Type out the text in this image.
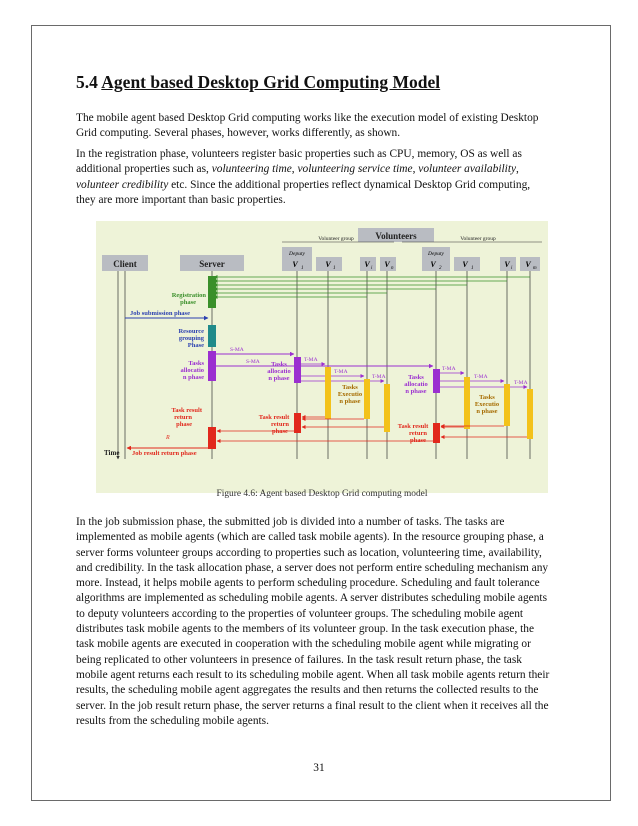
5.4 Agent based Desktop Grid Computing Model

The mobile agent based Desktop Grid computing works like the execution model of existing Desktop Grid computing. Several phases, however, works differently, as shown.

In the registration phase, volunteers register basic properties such as CPU, memory, OS as well as additional properties such as, volunteering time, volunteering service time, volunteer availability, volunteer credibility etc. Since the additional properties reflect dynamical Desktop Grid computing, they are more important than basic properties.

Client	Server
Volunteers
Volunteer group	Volunteer group
Deputy
V 1	V 1	V i V n
Deputy
V 2	V 1	V i V m
Registration
phase
Job submission phase
Resource
grouping
Phase
Tasks
allocatio
n phase
S-MA
S-MA Tasks
allocatio
n phase
T-MA
T-MA
T-MA
Tasks
Executio
n phase
Tasks
allocatio
n phase
T-MA
T-MA
T-MA
Tasks
Executio
n phase
Task result
return
phase
Task result
return
phase
Task result
return
phase
R
Job result return phase
Time
Figure 4.6: Agent based Desktop Grid computing model

In the job submission phase, the submitted job is divided into a number of tasks. The tasks are implemented as mobile agents (which are called task mobile agents). In the resource grouping phase, a server forms volunteer groups according to properties such as location, volunteering time, availability, and credibility. In the task allocation phase, a server does not perform entire scheduling mechanism any more. Instead, it helps mobile agents to perform scheduling procedure. Scheduling and fault tolerance algorithms are implemented as scheduling mobile agents. A server distributes scheduling mobile agents to deputy volunteers according to the properties of volunteer groups. The scheduling mobile agent distributes task mobile agents to the members of its volunteer group. In the task execution phase, the task mobile agents are executed in cooperation with the scheduling mobile agent while migrating or being replicated to other volunteers in presence of failures. In the task result return phase, the task mobile agent returns each result to its scheduling mobile agent. When all task mobile agents return their results, the scheduling mobile agent aggregates the results and then returns the collected results to the server. In the job result return phase, the server returns a final result to the client when it receives all the results from the scheduling mobile agents.

31
